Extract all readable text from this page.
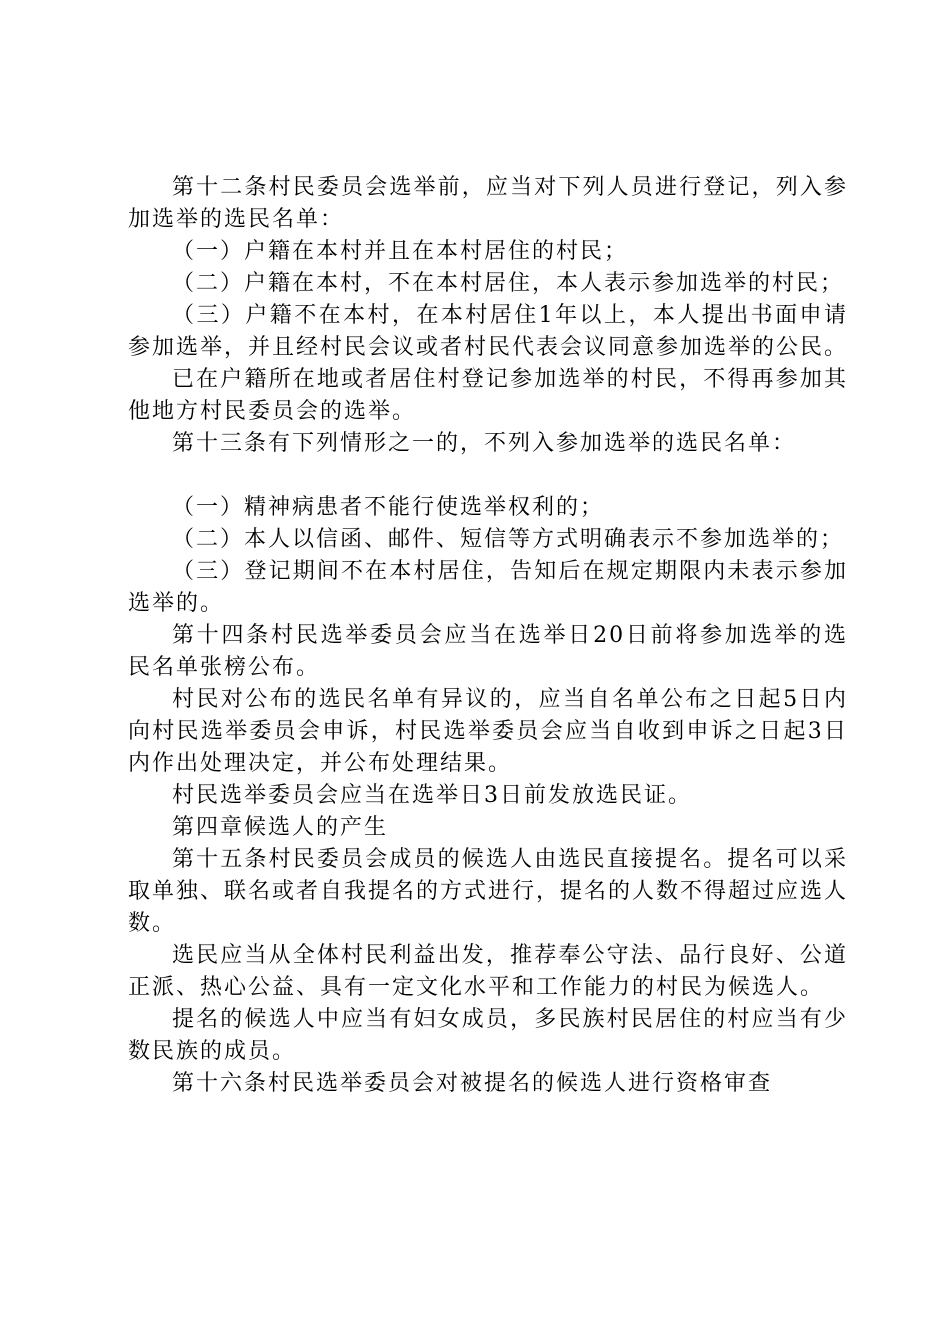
第十二条村民委员会选举前，应当对下列人员进行登记，列入参加选举的选民名单：

（一）户籍在本村并且在本村居住的村民；

（二）户籍在本村，不在本村居住，本人表示参加选举的村民；

（三）户籍不在本村，在本村居住1年以上，本人提出书面申请参加选举，并且经村民会议或者村民代表会议同意参加选举的公民。

已在户籍所在地或者居住村登记参加选举的村民，不得再参加其他地方村民委员会的选举。

第十三条有下列情形之一的，不列入参加选举的选民名单：

（一）精神病患者不能行使选举权利的；

（二）本人以信函、邮件、短信等方式明确表示不参加选举的；

（三）登记期间不在本村居住，告知后在规定期限内未表示参加选举的。

第十四条村民选举委员会应当在选举日20日前将参加选举的选民名单张榜公布。

村民对公布的选民名单有异议的，应当自名单公布之日起5日内向村民选举委员会申诉，村民选举委员会应当自收到申诉之日起3日内作出处理决定，并公布处理结果。

村民选举委员会应当在选举日3日前发放选民证。

第四章候选人的产生

第十五条村民委员会成员的候选人由选民直接提名。提名可以采取单独、联名或者自我提名的方式进行，提名的人数不得超过应选人数。

选民应当从全体村民利益出发，推荐奉公守法、品行良好、公道正派、热心公益、具有一定文化水平和工作能力的村民为候选人。

提名的候选人中应当有妇女成员，多民族村民居住的村应当有少数民族的成员。

第十六条村民选举委员会对被提名的候选人进行资格审查
